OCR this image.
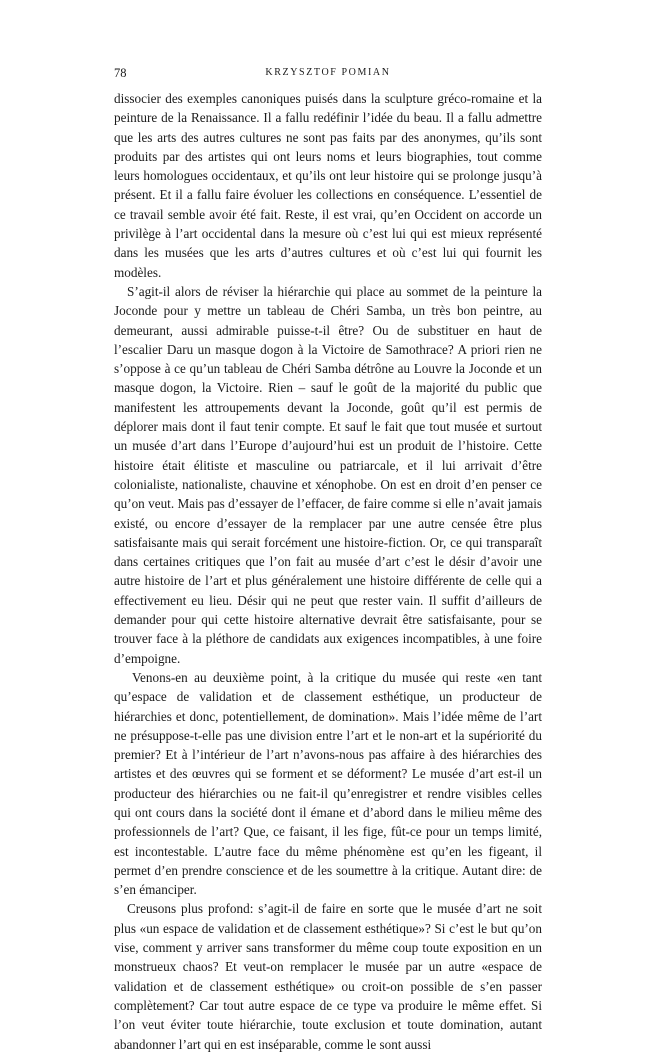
78	KRZYSZTOF POMIAN

dissocier des exemples canoniques puisés dans la sculpture gréco-romaine et la peinture de la Renaissance. Il a fallu redéfinir l’idée du beau. Il a fallu admettre que les arts des autres cultures ne sont pas faits par des anonymes, qu’ils sont produits par des artistes qui ont leurs noms et leurs biographies, tout comme leurs homologues occidentaux, et qu’ils ont leur histoire qui se prolonge jusqu’à présent. Et il a fallu faire évoluer les collections en conséquence. L’essentiel de ce travail semble avoir été fait. Reste, il est vrai, qu’en Occident on accorde un privilège à l’art occidental dans la mesure où c’est lui qui est mieux représenté dans les musées que les arts d’autres cultures et où c’est lui qui fournit les modèles.

S’agit-il alors de réviser la hiérarchie qui place au sommet de la peinture la Joconde pour y mettre un tableau de Chéri Samba, un très bon peintre, au demeurant, aussi admirable puisse-t-il être? Ou de substituer en haut de l’escalier Daru un masque dogon à la Victoire de Samothrace? A priori rien ne s’oppose à ce qu’un tableau de Chéri Samba détrône au Louvre la Joconde et un masque dogon, la Victoire. Rien – sauf le goût de la majorité du public que manifestent les attroupements devant la Joconde, goût qu’il est permis de déplorer mais dont il faut tenir compte. Et sauf le fait que tout musée et surtout un musée d’art dans l’Europe d’aujourd’hui est un produit de l’histoire. Cette histoire était élitiste et masculine ou patriarcale, et il lui arrivait d’être colonialiste, nationaliste, chauvine et xénophobe. On est en droit d’en penser ce qu’on veut. Mais pas d’essayer de l’effacer, de faire comme si elle n’avait jamais existé, ou encore d’essayer de la remplacer par une autre censée être plus satisfaisante mais qui serait forcément une histoire-fiction. Or, ce qui transparaît dans certaines critiques que l’on fait au musée d’art c’est le désir d’avoir une autre histoire de l’art et plus généralement une histoire différente de celle qui a effectivement eu lieu. Désir qui ne peut que rester vain. Il suffit d’ailleurs de demander pour qui cette histoire alternative devrait être satisfaisante, pour se trouver face à la pléthore de candidats aux exigences incompatibles, à une foire d’empoigne.

Venons-en au deuxième point, à la critique du musée qui reste «en tant qu’espace de validation et de classement esthétique, un producteur de hiérarchies et donc, potentiellement, de domination». Mais l’idée même de l’art ne présuppose-t-elle pas une division entre l’art et le non-art et la supériorité du premier? Et à l’intérieur de l’art n’avons-nous pas affaire à des hiérarchies des artistes et des œuvres qui se forment et se déforment? Le musée d’art est-il un producteur des hiérarchies ou ne fait-il qu’enregistrer et rendre visibles celles qui ont cours dans la société dont il émane et d’abord dans le milieu même des professionnels de l’art? Que, ce faisant, il les fige, fût-ce pour un temps limité, est incontestable. L’autre face du même phénomène est qu’en les figeant, il permet d’en prendre conscience et de les soumettre à la critique. Autant dire: de s’en émanciper.

Creusons plus profond: s’agit-il de faire en sorte que le musée d’art ne soit plus «un espace de validation et de classement esthétique»? Si c’est le but qu’on vise, comment y arriver sans transformer du même coup toute exposition en un monstrueux chaos? Et veut-on remplacer le musée par un autre «espace de validation et de classement esthétique» ou croit-on possible de s’en passer complètement? Car tout autre espace de ce type va produire le même effet. Si l’on veut éviter toute hiérarchie, toute exclusion et toute domination, autant abandonner l’art qui en est inséparable, comme le sont aussi
